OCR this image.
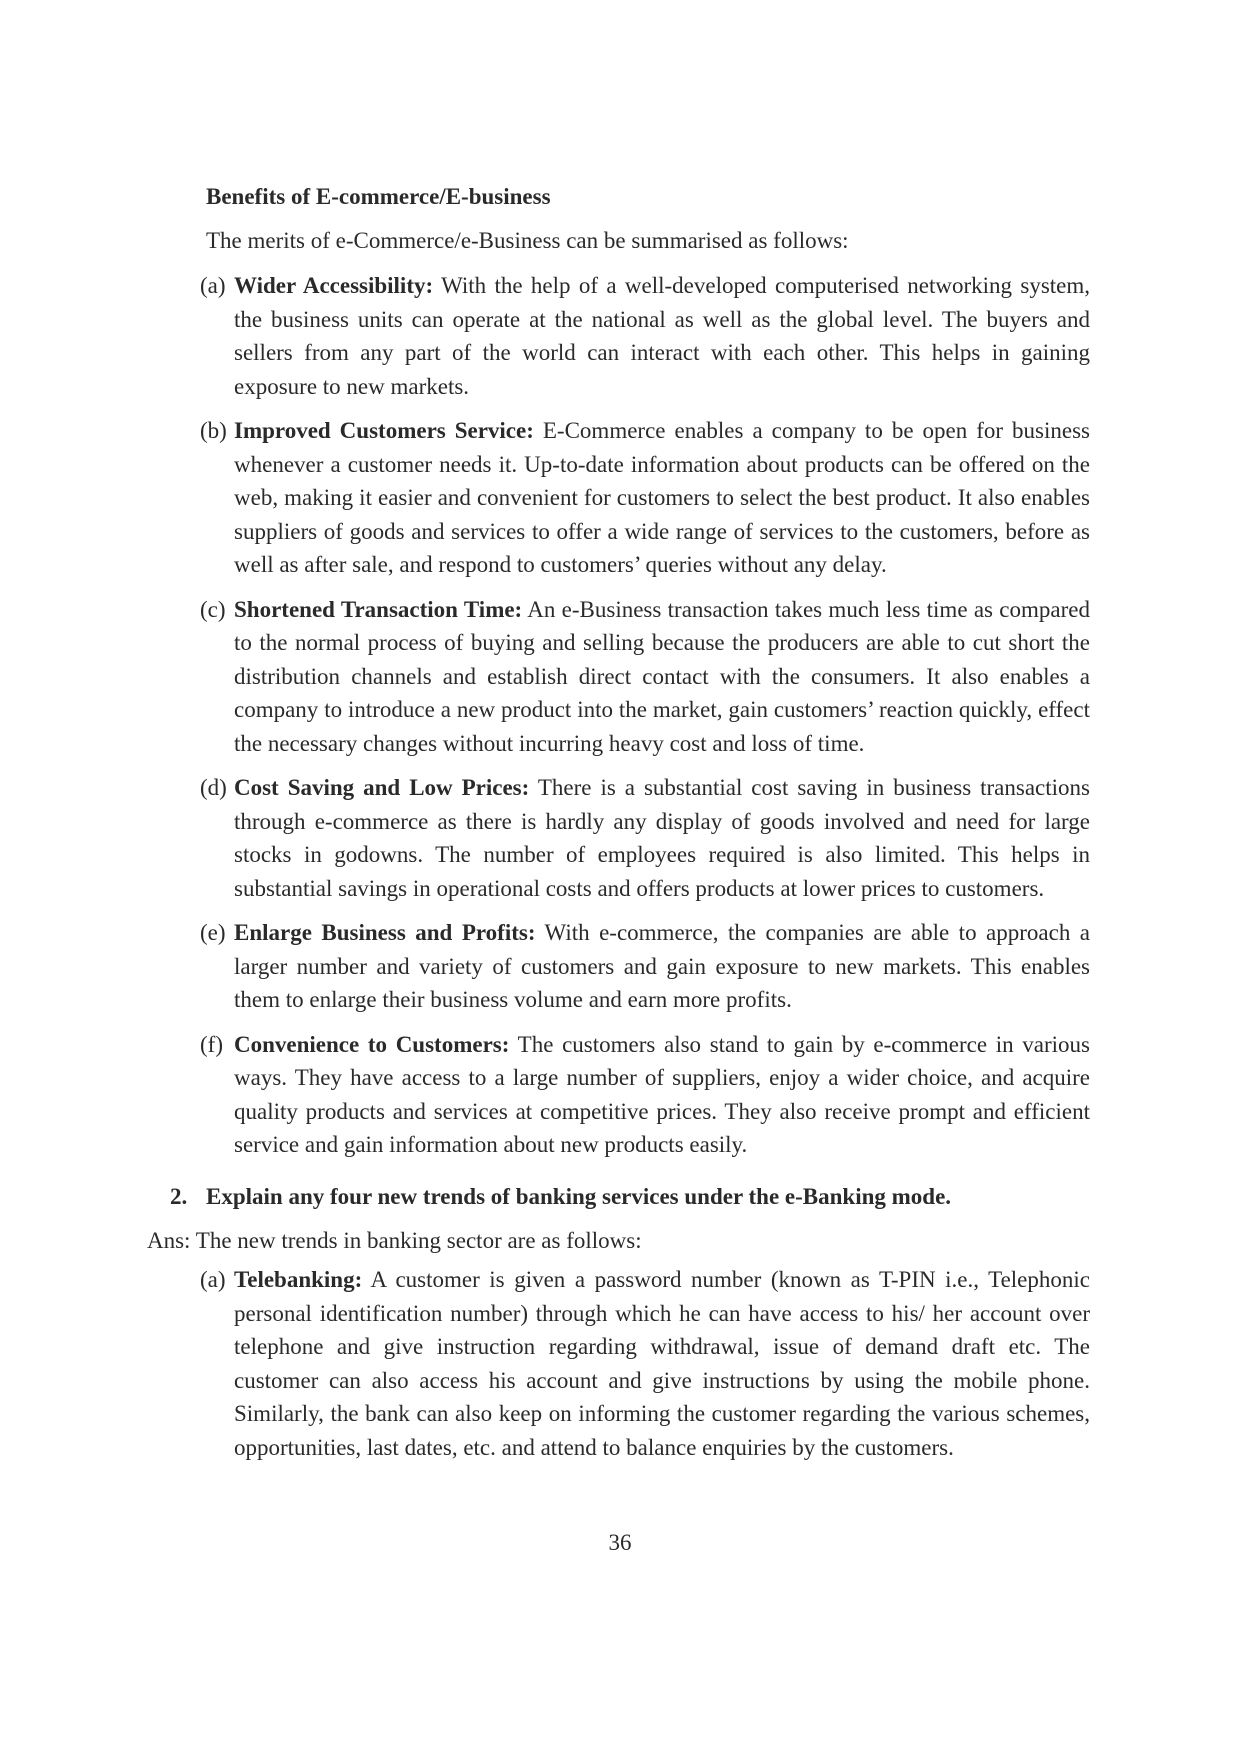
Benefits of E-commerce/E-business

The merits of e-Commerce/e-Business can be summarised as follows:

(a) Wider Accessibility: With the help of a well-developed computerised networking system, the business units can operate at the national as well as the global level. The buyers and sellers from any part of the world can interact with each other. This helps in gaining exposure to new markets.
(b) Improved Customers Service: E-Commerce enables a company to be open for business whenever a customer needs it. Up-to-date information about products can be offered on the web, making it easier and convenient for customers to select the best product. It also enables suppliers of goods and services to offer a wide range of services to the customers, before as well as after sale, and respond to customers’ queries without any delay.
(c) Shortened Transaction Time: An e-Business transaction takes much less time as compared to the normal process of buying and selling because the producers are able to cut short the distribution channels and establish direct contact with the consumers. It also enables a company to introduce a new product into the market, gain customers’ reaction quickly, effect the necessary changes without incurring heavy cost and loss of time.
(d) Cost Saving and Low Prices: There is a substantial cost saving in business transactions through e-commerce as there is hardly any display of goods involved and need for large stocks in godowns. The number of employees required is also limited. This helps in substantial savings in operational costs and offers products at lower prices to customers.
(e) Enlarge Business and Profits: With e-commerce, the companies are able to approach a larger number and variety of customers and gain exposure to new markets. This enables them to enlarge their business volume and earn more profits.
(f) Convenience to Customers: The customers also stand to gain by e-commerce in various ways. They have access to a large number of suppliers, enjoy a wider choice, and acquire quality products and services at competitive prices. They also receive prompt and efficient service and gain information about new products easily.

2. Explain any four new trends of banking services under the e-Banking mode.

Ans: The new trends in banking sector are as follows:

(a) Telebanking: A customer is given a password number (known as T-PIN i.e., Telephonic personal identification number) through which he can have access to his/ her account over telephone and give instruction regarding withdrawal, issue of demand draft etc. The customer can also access his account and give instructions by using the mobile phone. Similarly, the bank can also keep on informing the customer regarding the various schemes, opportunities, last dates, etc. and attend to balance enquiries by the customers.

36
